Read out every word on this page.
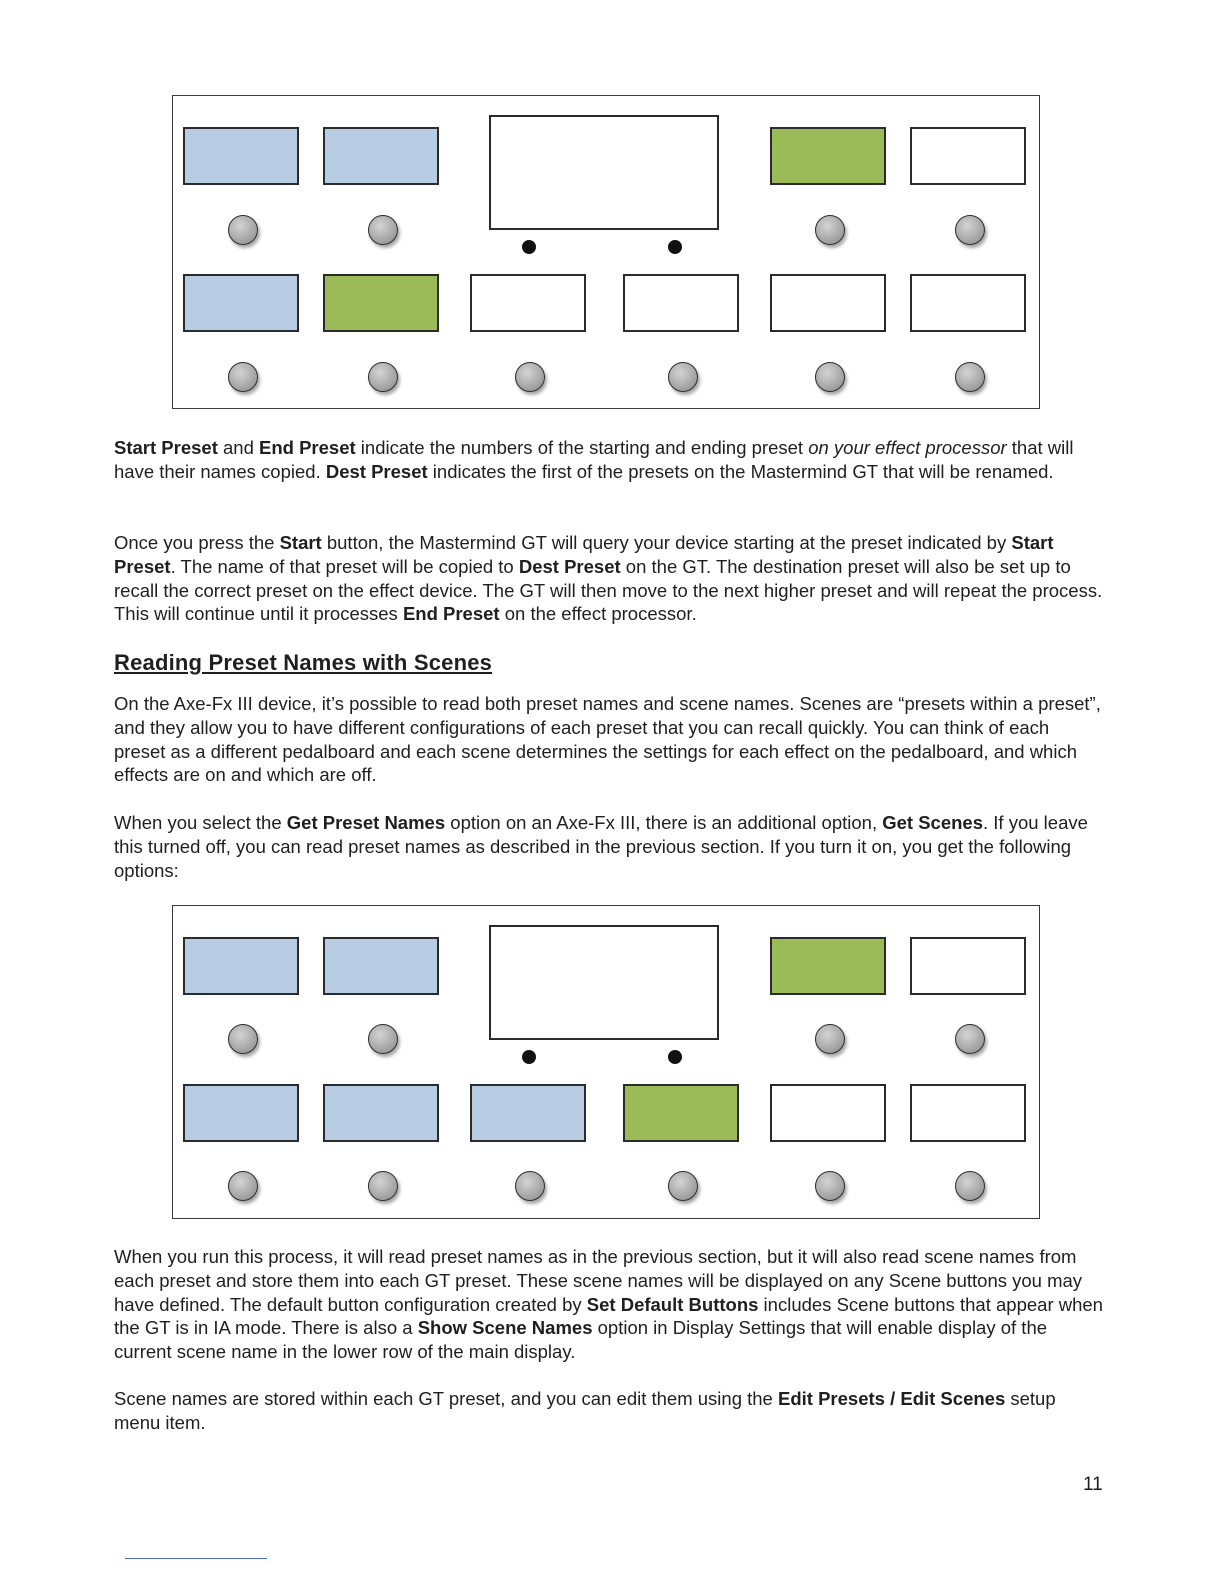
Start Preset and End Preset indicate the numbers of the starting and ending preset on your effect processor that will have their names copied. Dest Preset indicates the first of the presets on the Mastermind GT that will be renamed.

Once you press the Start button, the Mastermind GT will query your device starting at the preset indicated by Start Preset. The name of that preset will be copied to Dest Preset on the GT. The destination preset will also be set up to recall the correct preset on the effect device. The GT will then move to the next higher preset and will repeat the process. This will continue until it processes End Preset on the effect processor.

Reading Preset Names with Scenes

On the Axe-Fx III device, it’s possible to read both preset names and scene names. Scenes are “presets within a preset”, and they allow you to have different configurations of each preset that you can recall quickly. You can think of each preset as a different pedalboard and each scene determines the settings for each effect on the pedalboard, and which effects are on and which are off.

When you select the Get Preset Names option on an Axe-Fx III, there is an additional option, Get Scenes. If you leave this turned off, you can read preset names as described in the previous section. If you turn it on, you get the following options:

When you run this process, it will read preset names as in the previous section, but it will also read scene names from each preset and store them into each GT preset. These scene names will be displayed on any Scene buttons you may have defined. The default button configuration created by Set Default Buttons includes Scene buttons that appear when the GT is in IA mode. There is also a Show Scene Names option in Display Settings that will enable display of the current scene name in the lower row of the main display.

Scene names are stored within each GT preset, and you can edit them using the Edit Presets / Edit Scenes setup menu item.

11
